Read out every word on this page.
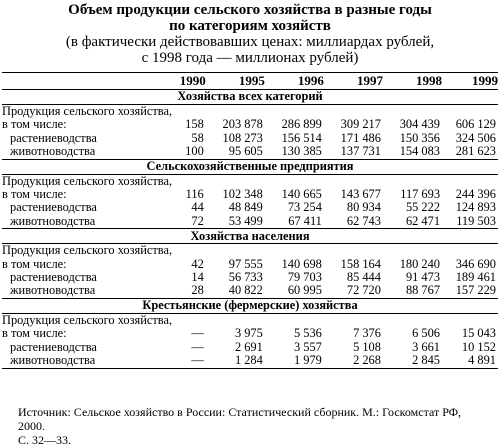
Объем продукции сельского хозяйства в разные годы
по категориям хозяйств
(в фактически действовавших ценах: миллиардах рублей,
с 1998 года — миллионах рублей)
	1990	1995	1996	1997	1998	1999
Хозяйства всех категорий						
Продукция сельского хозяйства,						
в том числе:	158	203 878	286 899	309 217	304 439	606 129
растениеводства	58	108 273	156 514	171 486	150 356	324 506
животноводства	100	95 605	130 385	137 731	154 083	281 623
Сельскохозяйственные предприятия						
Продукция сельского хозяйства,						
в том числе:	116	102 348	140 665	143 677	117 693	244 396
растениеводства	44	48 849	73 254	80 934	55 222	124 893
животноводства	72	53 499	67 411	62 743	62 471	119 503
Хозяйства населения						
Продукция сельского хозяйства,						
в том числе:	42	97 555	140 698	158 164	180 240	346 690
растениеводства	14	56 733	79 703	85 444	91 473	189 461
животноводства	28	40 822	60 995	72 720	88 767	157 229
Крестьянские (фермерские) хозяйства						
Продукция сельского хозяйства,						
в том числе:	—	3 975	5 536	7 376	6 506	15 043
растениеводства	—	2 691	3 557	5 108	3 661	10 152
животноводства	—	1 284	1 979	2 268	2 845	4 891
Источник: Сельское хозяйство в России: Статистический сборник. М.: Госкомстат РФ, 2000.
С. 32—33.
